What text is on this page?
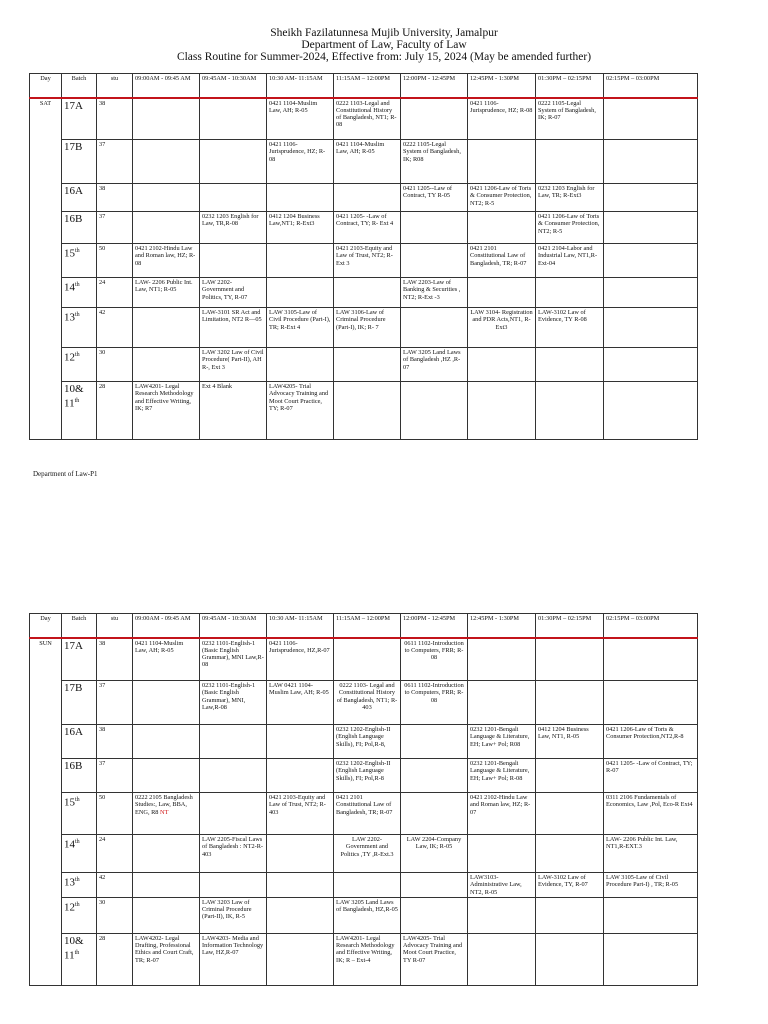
Sheikh Fazilatunnesa Mujib University, Jamalpur
Department of Law, Faculty of Law
Class Routine for Summer-2024, Effective from: July 15, 2024 (May be amended further)
Day	Batch	stu	09:00AM - 09:45 AM	09:45AM - 10:30AM	10:30 AM- 11:15AM	11:15AM – 12:00PM	12:00PM - 12:45PM	12:45PM - 1:30PM	01:30PM – 02:15PM	02:15PM – 03:00PM
SAT	17A	38			0421 1104-Muslim Law, AH; R-05	0222 1103-Legal and Constitutional History of Bangladesh, NT1; R-08		0421 1106-Jurisprudence, HZ; R-08	0222 1105-Legal System of Bangladesh, IK; R-07	
	17B	37			0421 1106-Jurisprudence, HZ; R-08	0421 1104-Muslim Law, AH; R-05	0222 1105-Legal System of Bangladesh, IK; R08			
	16A	38					0421 1205--Law of Contract, TY R-05	0421 1206-Law of Torts & Consumer Protection, NT2; R-5	0232 1203 English for Law, TR; R-Ext3	
	16B	37		0232 1203 English for Law, TR,R-08	0412 1204 Business Law,NT1; R-Ext3	0421 1205- -Law of Contract, TY; R- Ext 4			0421 1206-Law of Torts & Consumer Protection, NT2; R-5	
	15th	50	0421 2102-Hindu Law and Roman law, HZ; R-08			0421 2103-Equity and Law of Trust, NT2; R- Ext 3		0421 2101 Constitutional Law of Bangladesh, TR; R-07	0421 2104-Labor and Industrial Law, NT1,R- Ext-04	
	14th	24	LAW- 2206 Public Int. Law, NT1; R-05	LAW 2202- Government and Politics, TY, R-07			LAW 2203-Law of Banking & Securities , NT2; R-Ext -3			
	13th	42		LAW-3101 SR Act and Limitation, NT2 R—05	LAW 3105-Law of Civil Procedure (Part-I), TR; R-Ext 4	LAW 3106-Law of Criminal Procedure (Part-I), IK; R- 7		LAW 3104- Registration and PDR Acts,NT1, R-Ext3	LAW-3102 Law of Evidence, TY R-08	
	12th	30		LAW 3202 Law of Civil Procedure( Part-II), AH R-, Ext 3			LAW 3205 Land Laws of Bangladesh ,HZ ,R-07			
	10& 11th	28	LAW4201- Legal Research Methodology and Effective Writing, IK; R7	Ext 4 Blank	LAW4205- Trial Advocacy Training and Moot Court Practice, TY; R-07					
Department of Law-P1
Day	Batch	stu	09:00AM - 09:45 AM	09:45AM - 10:30AM	10:30 AM- 11:15AM	11:15AM – 12:00PM	12:00PM - 12:45PM	12:45PM - 1:30PM	01:30PM – 02:15PM	02:15PM – 03:00PM
SUN	17A	38	0421 1104-Muslim Law, AH; R-05	0232 1101-English-1 (Basic English Grammar), MNI Law,R-08	0421 1106-Jurisprudence, HZ,R-07		0611 1102-Introduction to Computers, FRR; R-08			
	17B	37		0232 1101-English-1 (Basic English Grammar), MNI, Law,R-08	LAW 0421 1104-Muslim Law, AH; R-05	0222 1103- Legal and Constitutional History of Bangladesh, NT1; R-403	0611 1102-Introduction to Computers, FRR; R-08			
	16A	38				0232 1202-English-II (English Language Skills), FI; Pol,R-8,		0232 1201-Bengali Language & Literature, EH; Law+ Pol; R08	0412 1204 Business Law, NT1, R-05	0421 1206-Law of Torts & Consumer Protection,NT2,R-8
	16B	37				0232 1202-English-II (English Language Skills), FI; Pol,R-8		0232 1201-Bengali Language & Literature, EH; Law+ Pol; R-08		0421 1205- -Law of Contract, TY; R-07
	15th	50	0222 2105 Bangladesh Studies:, Law, BBA, ENG, R8 NT		0421 2103-Equity and Law of Trust, NT2; R-403	0421 2101 Constitutional Law of Bangladesh, TR; R-07		0421 2102-Hindu Law and Roman law, HZ; R-07		0311 2106 Fundamentals of Economics, Law ,Pol, Eco-R Ext4
	14th	24		LAW 2205-Fiscal Laws of Bangladesh : NT2-R-403		LAW 2202- Government and Politics ,TY ,R-Ext.3	LAW 2204-Company Law, IK; R-05			LAW- 2206 Public Int. Law, NT1,R-EXT.3
	13th	42						LAW3103- Administrative Law, NT2, R-05	LAW-3102 Law of Evidence, TY, R-07	LAW 3105-Law of Civil Procedure Part-I) , TR; R-05
	12th	30		LAW 3203 Law of Criminal Procedure (Part-II), IK, R-5		LAW 3205 Land Laws of Bangladesh, HZ,R-05				
	10& 11th	28	LAW4202- Legal Drafting, Professional Ethics and Court Craft, TR; R-07	LAW4203- Media and Information Technology Law, HZ,R-07		LAW4201- Legal Research Methodology and Effective Writing, IK; R – Ext-4	LAW4205- Trial Advocacy Training and Moot Court Practice, TY R-07			
